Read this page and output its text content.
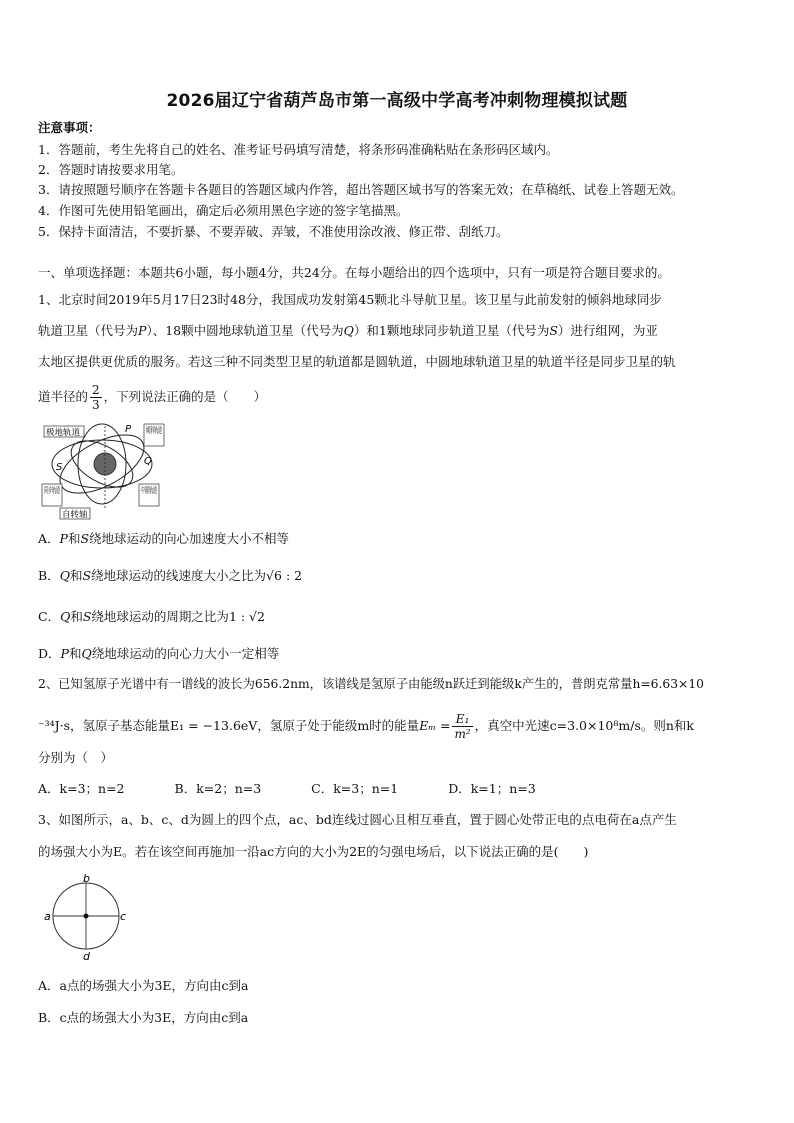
2026届辽宁省葫芦岛市第一高级中学高考冲刺物理模拟试题
注意事项：
1．答题前，考生先将自己的姓名、准考证号码填写清楚，将条形码准确粘贴在条形码区域内。
2．答题时请按要求用笔。
3．请按照题号顺序在答题卡各题目的答题区域内作答，超出答题区域书写的答案无效；在草稿纸、试卷上答题无效。
4．作图可先使用铅笔画出，确定后必须用黑色字迹的签字笔描黑。
5．保持卡面清洁，不要折暴、不要弄破、弄皱，不准使用涂改液、修正带、刮纸刀。
一、单项选择题：本题共6小题，每小题4分，共24分。在每小题给出的四个选项中，只有一项是符合题目要求的。
1、北京时间2019年5月17日23时48分，我国成功发射第45颗北斗导航卫星。该卫星与此前发射的倾斜地球同步
轨道卫星（代号为P）、18颗中圆地球轨道卫星（代号为Q）和1颗地球同步轨道卫星（代号为S）进行组网，为亚
太地区提供更优质的服务。若这三种不同类型卫星的轨道都是圆轨道，中圆地球轨道卫星的轨道半径是同步卫星的轨
道半径的 $\frac{2}{3}$ ，下列说法正确的是（　　）
极地轨道	P
S
Q
自转轴
A．P和S绕地球运动的向心加速度大小不相等
B．Q和S绕地球运动的线速度大小之比为√6 : 2
C．Q和S绕地球运动的周期之比为1 : √2
D．P和Q绕地球运动的向心力大小一定相等
2、已知氢原子光谱中有一谱线的波长为656.2nm，该谱线是氢原子由能级n跃迁到能级k产生的，普朗克常量h=6.63×10
⁻³⁴J·s，氢原子基态能量E₁ = −13.6eV，氢原子处于能级m时的能量$E_m = \frac{\text{E₁}}{\text{m²}}$ ，真空中光速c=3.0×10⁸m/s。则n和k
分别为（　）
A．k=3；n=2　　　　B．k=2；n=3　　　　C．k=3；n=1　　　　D．k=1；n=3
3、如图所示，a、b、c、d为圆上的四个点，ac、bd连线过圆心且相互垂直，置于圆心处带正电的点电荷在a点产生
的场强大小为E。若在该空间再施加一沿ac方向的大小为2E的匀强电场后，以下说法正确的是(　　)
a
b
c
d
A．a点的场强大小为3E，方向由c到a
B．c点的场强大小为3E，方向由c到a
